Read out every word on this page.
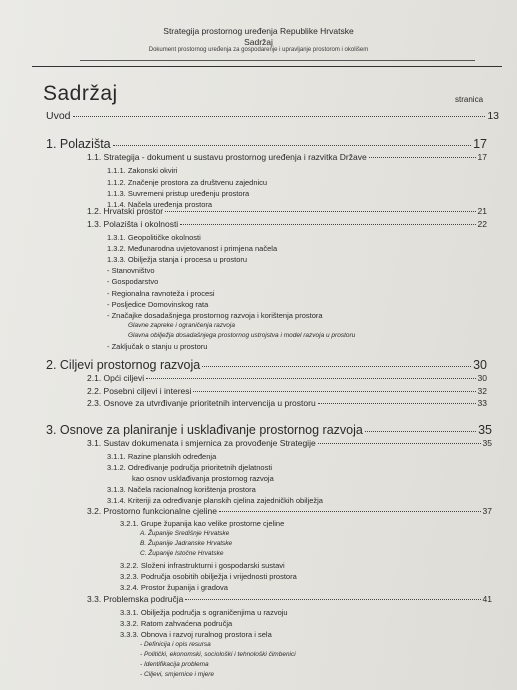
Strategija prostornog uređenja Republike Hrvatske
Sadržaj
Dokument prostornog uređenja za gospodarenje i upravljanje prostorom i okolišem
Sadržaj	stranica
Uvod	13
1. Polazišta	17
1.1. Strategija - dokument u sustavu prostornog uređenja i razvitka Države	17
1.1.1. Zakonski okviri
1.1.2. Značenje prostora za društvenu zajednicu
1.1.3. Suvremeni pristup uređenju prostora
1.1.4. Načela uređenja prostora
1.2. Hrvatski prostor	21
1.3. Polazišta i okolnosti	22
1.3.1. Geopolitičke okolnosti
1.3.2. Međunarodna uvjetovanost i primjena načela
1.3.3. Obilježja stanja i procesa u prostoru
- Stanovništvo
- Gospodarstvo
- Regionalna ravnoteža i procesi
- Posljedice Domovinskog rata
- Značajke dosadašnjega prostornog razvoja i korištenja prostora
Glavne zapreke i ograničenja razvoja
Glavna obilježja dosadašnjega prostornog ustrojstva i model razvoja u prostoru
- Zaključak o stanju u prostoru
2. Ciljevi prostornog razvoja	30
2.1. Opći ciljevi	30
2.2. Posebni ciljevi i interesi	32
2.3. Osnove za utvrđivanje prioritetnih intervencija u prostoru	33
3. Osnove za planiranje i usklađivanje prostornog razvoja	35
3.1. Sustav dokumenata i smjernica za provođenje Strategije	35
3.1.1. Razine planskih određenja
3.1.2. Određivanje područja prioritetnih djelatnosti
kao osnov usklađivanja prostornog razvoja
3.1.3. Načela racionalnog korištenja prostora
3.1.4. Kriteriji za određivanje planskih cjelina zajedničkih obilježja
3.2. Prostorno funkcionalne cjeline	37
3.2.1. Grupe županija kao velike prostorne cjeline
A. Županije Središnje Hrvatske
B. Županije Jadranske Hrvatske
C. Županije Istočne Hrvatske
3.2.2. Složeni infrastrukturni i gospodarski sustavi
3.2.3. Područja osobitih obilježja i vrijednosti prostora
3.2.4. Prostor županija i gradova
3.3. Problemska područja	41
3.3.1. Obilježja područja s ograničenjima u razvoju
3.3.2. Ratom zahvaćena područja
3.3.3. Obnova i razvoj ruralnog prostora i sela
- Definicija i opis resursa
- Politički, ekonomski, sociološki i tehnološki čimbenici
- Identifikacija problema
- Ciljevi, smjernice i mjere
